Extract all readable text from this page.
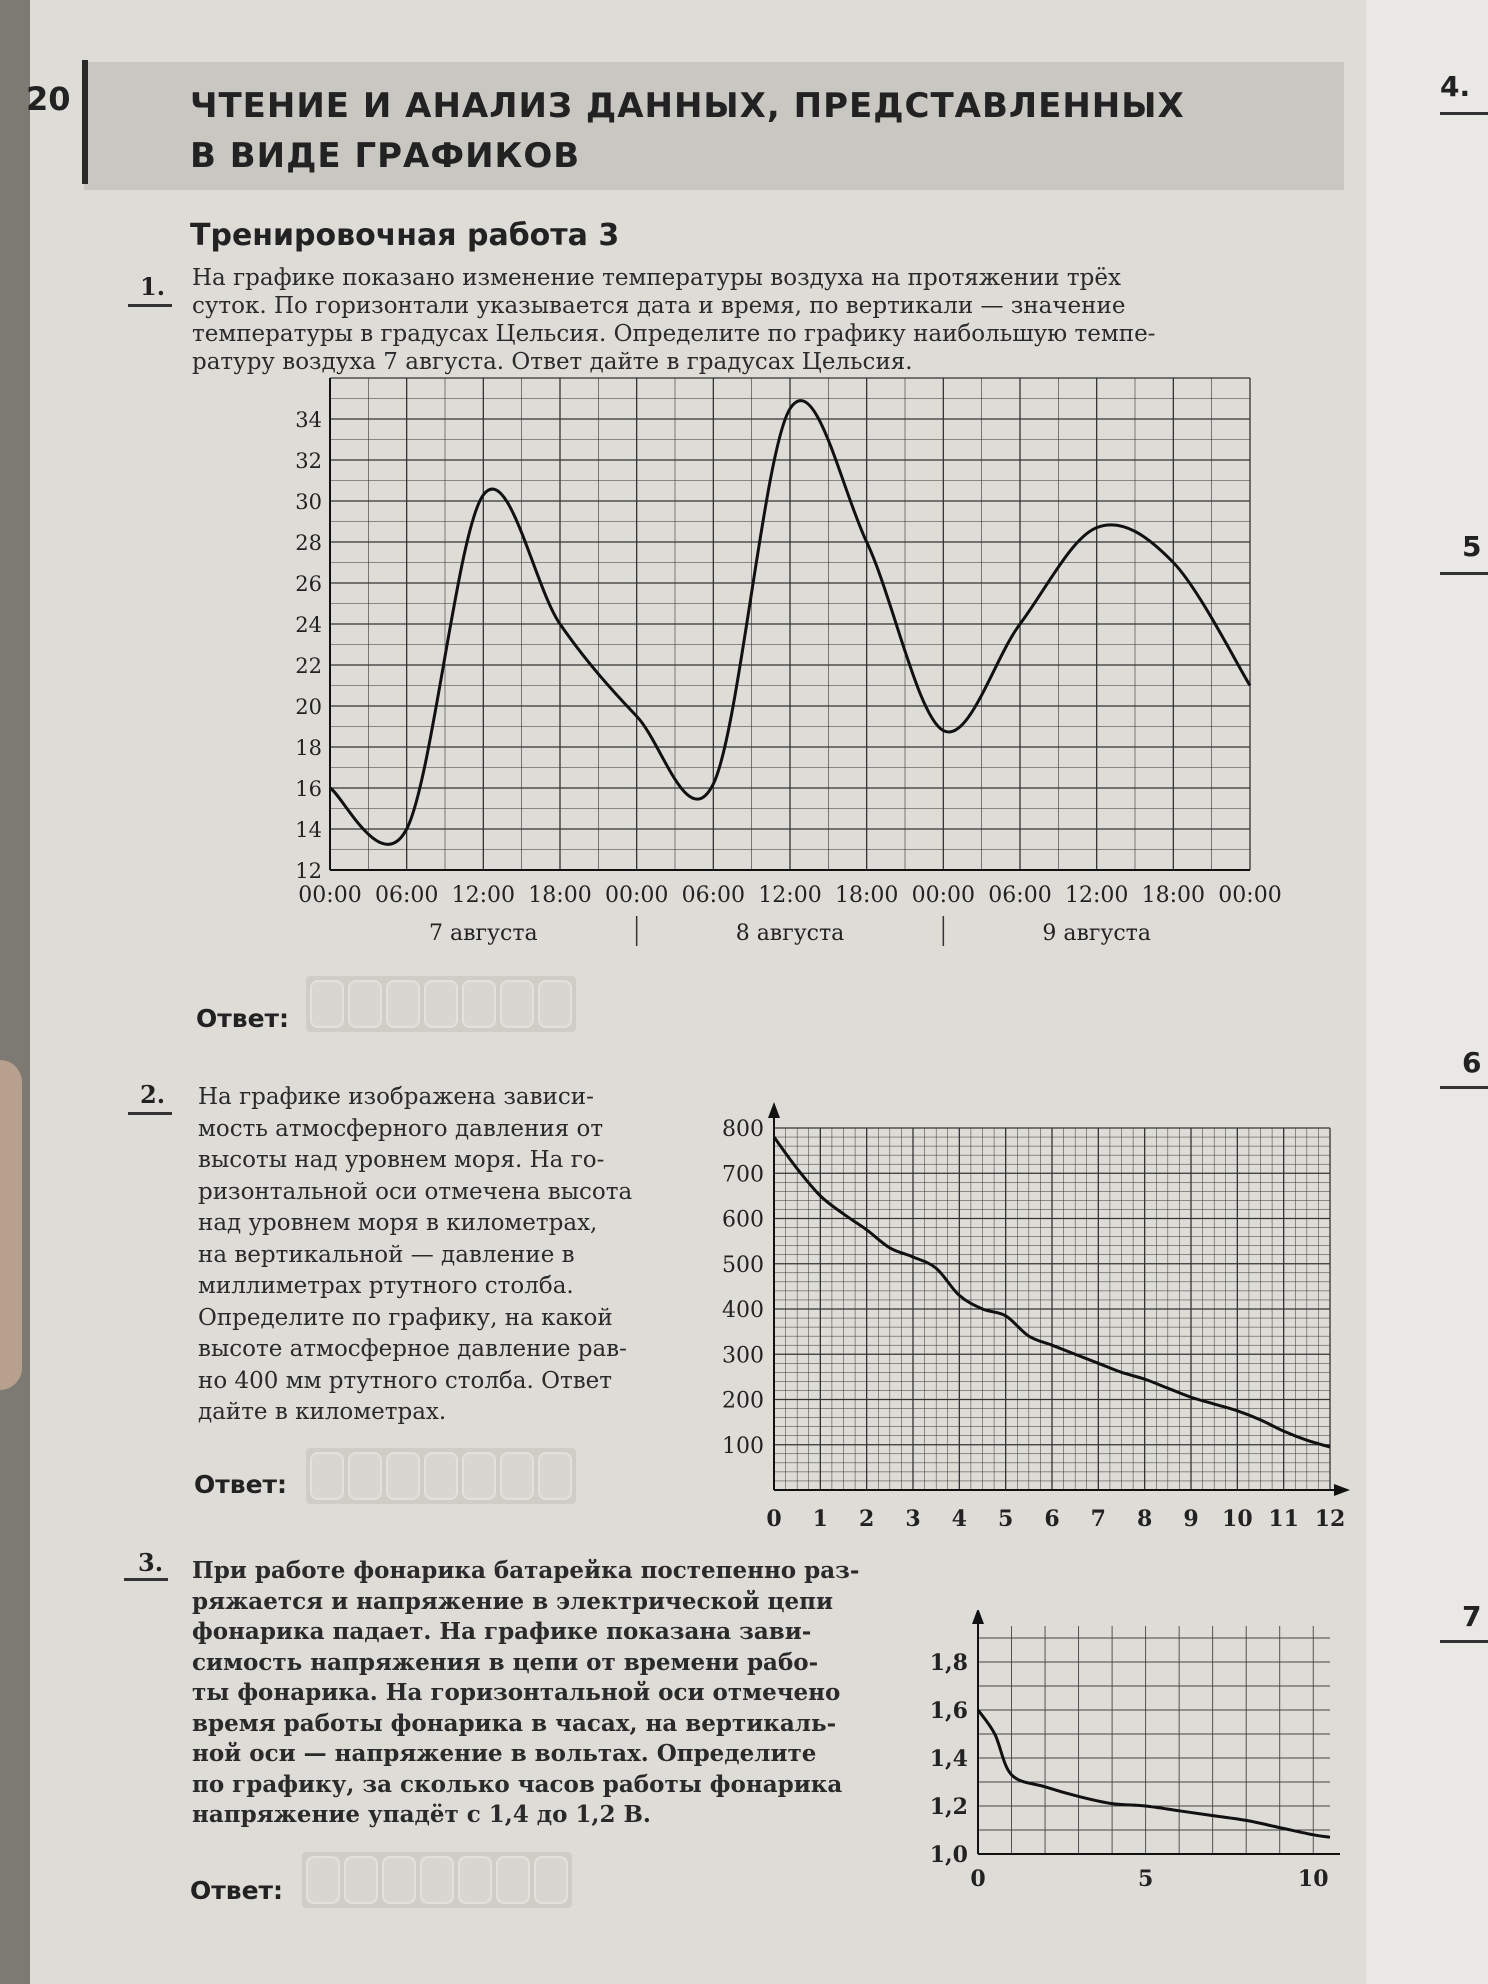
20	ЧТЕНИЕ И АНАЛИЗ ДАННЫХ, ПРЕДСТАВЛЕННЫХ
В ВИДЕ ГРАФИКОВ
Тренировочная работа 3
4.
5
6
7
1. На графике показано изменение температуры воздуха на протяжении трёх
суток. По горизонтали указывается дата и время, по вертикали — значение
температуры в градусах Цельсия. Определите по графику наибольшую темпе-
ратуру воздуха 7 августа. Ответ дайте в градусах Цельсия.
12
14
16
18
20
22
24
26
28
30
32
34
00:00 06:00 12:00 18:00 00:00 06:00 12:00 18:00 00:00 06:00 12:00 18:00 00:00
7 августа	8 августа	9 августа
Ответ:
2. На графике изображена зависи-
мость атмосферного давления от
высоты над уровнем моря. На го-
ризонтальной оси отмечена высота
над уровнем моря в километрах,
на вертикальной — давление в
миллиметрах ртутного столба.
Определите по графику, на какой
высоте атмосферное давление рав-
но 400 мм ртутного столба. Ответ
дайте в километрах.
100
200
300
400
500
600
700
800
0 1 2 3 4 5 6 7 8 9 10 11 12
Ответ:
3. При работе фонарика батарейка постепенно раз-
ряжается и напряжение в электрической цепи
фонарика падает. На графике показана зави-
симость напряжения в цепи от времени рабо-
ты фонарика. На горизонтальной оси отмечено
время работы фонарика в часах, на вертикаль-
ной оси — напряжение в вольтах. Определите
по графику, за сколько часов работы фонарика
напряжение упадёт с 1,4 до 1,2 В.
1,0
1,2
1,4
1,6
1,8
0	5	10
Ответ:
